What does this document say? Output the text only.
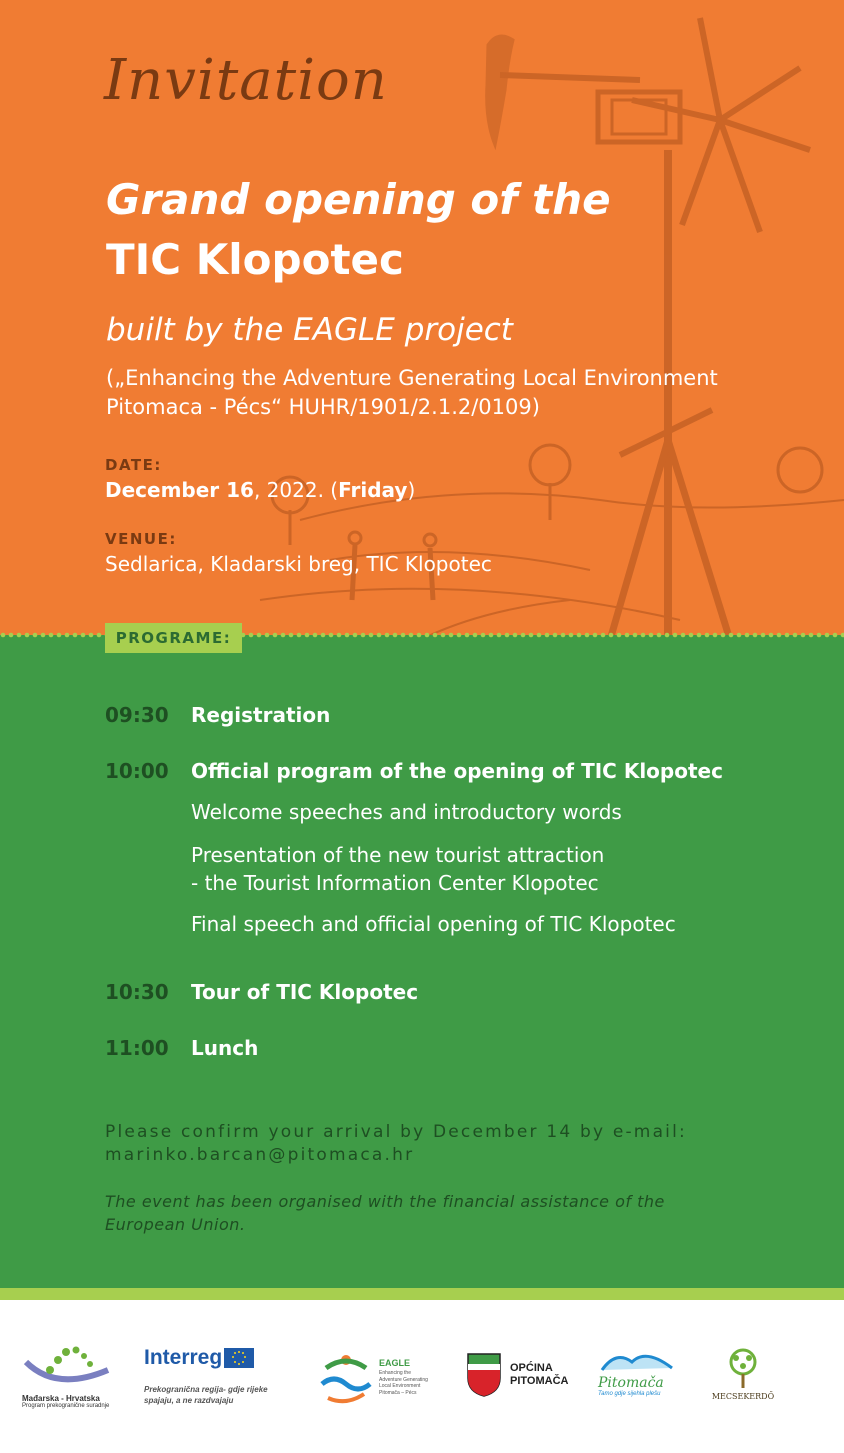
Invitation
Grand opening of the
TIC Klopotec
built by the EAGLE project
(„Enhancing the Adventure Generating Local Environment
Pitomaca - Pécs“ HUHR/1901/2.1.2/0109)
DATE:
December 16, 2022. (Friday)
VENUE:
Sedlarica, Kladarski breg, TIC Klopotec
PROGRAME:
09:30 Registration
10:00 Official program of the opening of TIC Klopotec
Welcome speeches and introductory words
Presentation of the new tourist attraction
- the Tourist Information Center Klopotec
Final speech and official opening of TIC Klopotec
10:30 Tour of TIC Klopotec
11:00 Lunch
Please confirm your arrival by December 14 by e-mail:
marinko.barcan@pitomaca.hr
The event has been organised with the financial assistance of the
European Union.
Mađarska - Hrvatska
Program prekogranične suradnje
Interreg
Prekogranična regija- gdje rijeke
spajaju, a ne razdvajaju
EAGLE
Enhancing the
Adventure Generating
Local Environment
Pitomača – Pécs
OPĆINA
PITOMAČA Pitomača
Tamo gdje sijehla plešu	MECSEKERDŐ
